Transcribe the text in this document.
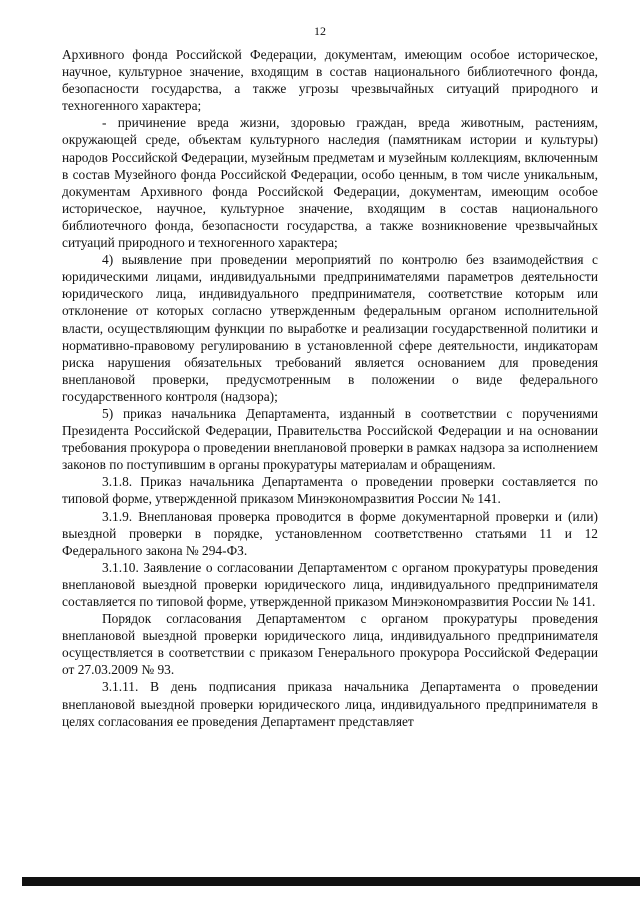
12

Архивного фонда Российской Федерации, документам, имеющим особое историческое, научное, культурное значение, входящим в состав национального библиотечного фонда, безопасности государства, а также угрозы чрезвычайных ситуаций природного и техногенного характера;

- причинение вреда жизни, здоровью граждан, вреда животным, растениям, окружающей среде, объектам культурного наследия (памятникам истории и культуры) народов Российской Федерации, музейным предметам и музейным коллекциям, включенным в состав Музейного фонда Российской Федерации, особо ценным, в том числе уникальным, документам Архивного фонда Российской Федерации, документам, имеющим особое историческое, научное, культурное значение, входящим в состав национального библиотечного фонда, безопасности государства, а также возникновение чрезвычайных ситуаций природного и техногенного характера;

4) выявление при проведении мероприятий по контролю без взаимодействия с юридическими лицами, индивидуальными предпринимателями параметров деятельности юридического лица, индивидуального предпринимателя, соответствие которым или отклонение от которых согласно утвержденным федеральным органом исполнительной власти, осуществляющим функции по выработке и реализации государственной политики и нормативно-правовому регулированию в установленной сфере деятельности, индикаторам риска нарушения обязательных требований является основанием для проведения внеплановой проверки, предусмотренным в положении о виде федерального государственного контроля (надзора);

5) приказ начальника Департамента, изданный в соответствии с поручениями Президента Российской Федерации, Правительства Российской Федерации и на основании требования прокурора о проведении внеплановой проверки в рамках надзора за исполнением законов по поступившим в органы прокуратуры материалам и обращениям.

3.1.8. Приказ начальника Департамента о проведении проверки составляется по типовой форме, утвержденной приказом Минэкономразвития России № 141.

3.1.9. Внеплановая проверка проводится в форме документарной проверки и (или) выездной проверки в порядке, установленном соответственно статьями 11 и 12 Федерального закона № 294-ФЗ.

3.1.10. Заявление о согласовании Департаментом с органом прокуратуры проведения внеплановой выездной проверки юридического лица, индивидуального предпринимателя составляется по типовой форме, утвержденной приказом Минэкономразвития России № 141.

Порядок согласования Департаментом с органом прокуратуры проведения внеплановой выездной проверки юридического лица, индивидуального предпринимателя осуществляется в соответствии с приказом Генерального прокурора Российской Федерации от 27.03.2009 № 93.

3.1.11. В день подписания приказа начальника Департамента о проведении внеплановой выездной проверки юридического лица, индивидуального предпринимателя в целях согласования ее проведения Департамент представляет
